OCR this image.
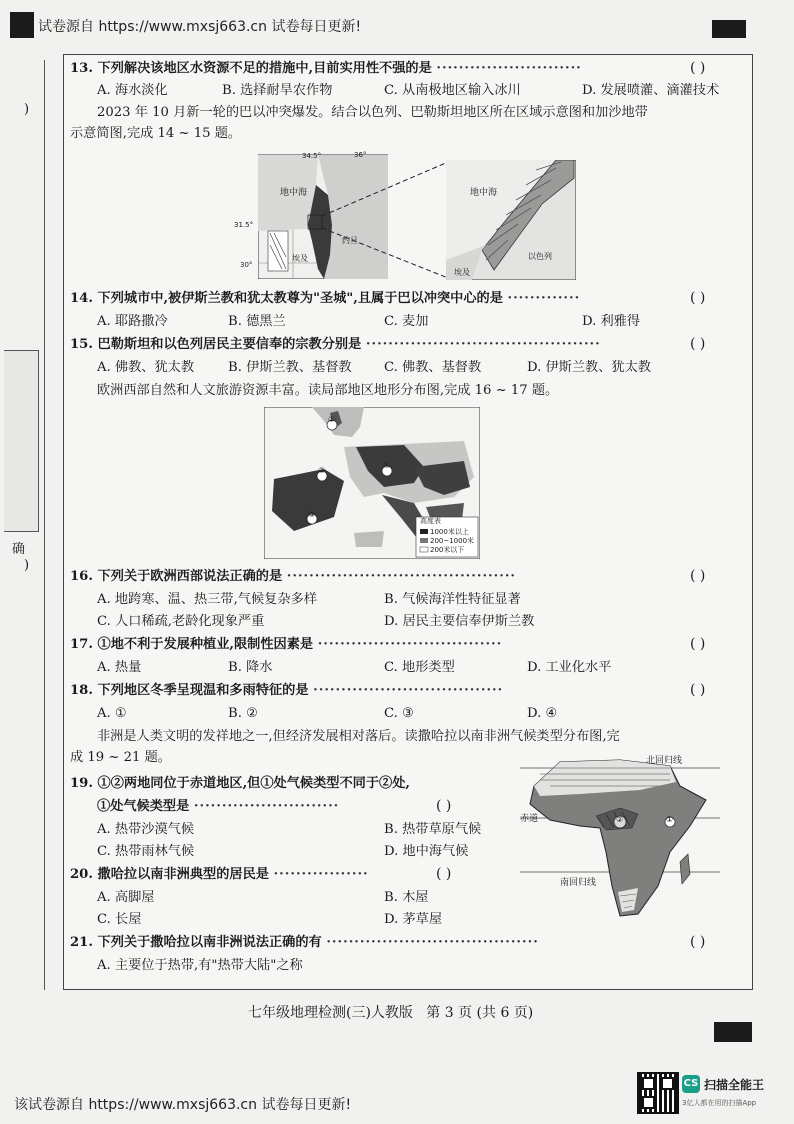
试卷源自 https://www.mxsj663.cn 试卷每日更新!
)
确
)
13. 下列解决该地区水资源不足的措施中,目前实用性不强的是 ··························	( )
A. 海水淡化	B. 选择耐旱农作物	C. 从南极地区输入冰川	D. 发展喷灌、滴灌技术
2023 年 10 月新一轮的巴以冲突爆发。结合以色列、巴勒斯坦地区所在区域示意图和加沙地带
示意简图,完成 14 ~ 15 题。
34.5°	36°
31.5°
30°
地中海
约旦
埃及
地中海
埃及
以色列
14. 下列城市中,被伊斯兰教和犹太教尊为"圣城",且属于巴以冲突中心的是 ·············	( )
A. 耶路撒冷	B. 德黑兰	C. 麦加	D. 利雅得
15. 巴勒斯坦和以色列居民主要信奉的宗教分别是 ··········································	( )
A. 佛教、犹太教	B. 伊斯兰教、基督教 C. 佛教、基督教	D. 伊斯兰教、犹太教
欧洲西部自然和人文旅游资源丰富。读局部地区地形分布图,完成 16 ~ 17 题。
①
②
③
④
高度表
1000米以上
200~1000米
200米以下
16. 下列关于欧洲西部说法正确的是 ·········································	( )
A. 地跨寒、温、热三带,气候复杂多样	B. 气候海洋性特征显著
C. 人口稀疏,老龄化现象严重	D. 居民主要信奉伊斯兰教
17. ①地不利于发展种植业,限制性因素是 ·································	( )
A. 热量	B. 降水	C. 地形类型	D. 工业化水平
18. 下列地区冬季呈现温和多雨特征的是 ··································	( )
A. ①	B. ②	C. ③	D. ④
非洲是人类文明的发祥地之一,但经济发展相对落后。读撒哈拉以南非洲气候类型分布图,完
成 19 ~ 21 题。	北回归线
赤道
南回归线
①
②
19. ①②两地同位于赤道地区,但①处气候类型不同于②处,
①处气候类型是 ··························	( )
A. 热带沙漠气候	B. 热带草原气候
C. 热带雨林气候	D. 地中海气候
20. 撒哈拉以南非洲典型的居民是 ·················	( )
A. 高脚屋	B. 木屋
C. 长屋	D. 茅草屋
21. 下列关于撒哈拉以南非洲说法正确的有 ······································	( )
A. 主要位于热带,有"热带大陆"之称
七年级地理检测(三)人教版   第 3 页 (共 6 页)
该试卷源自 https://www.mxsj663.cn 试卷每日更新!
CS 扫描全能王
3亿人都在用的扫描App
